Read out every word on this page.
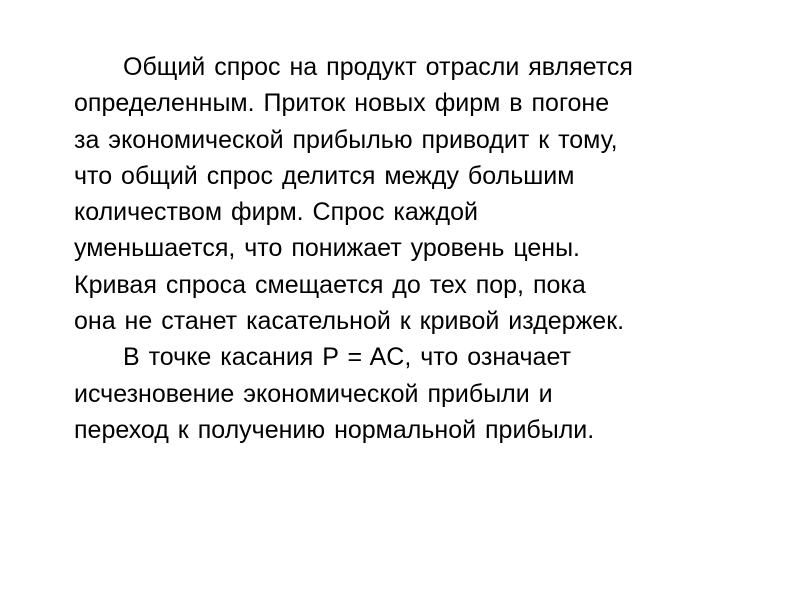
Общий спрос на продукт отрасли является
определенным. Приток новых фирм в погоне
за экономической прибылью приводит к тому,
что общий спрос делится между большим
количеством фирм. Спрос каждой
уменьшается, что понижает уровень цены.
Кривая спроса смещается до тех пор, пока
она не станет касательной к кривой издержек.

В точке касания P = AC, что означает
исчезновение экономической прибыли и
переход к получению нормальной прибыли.
